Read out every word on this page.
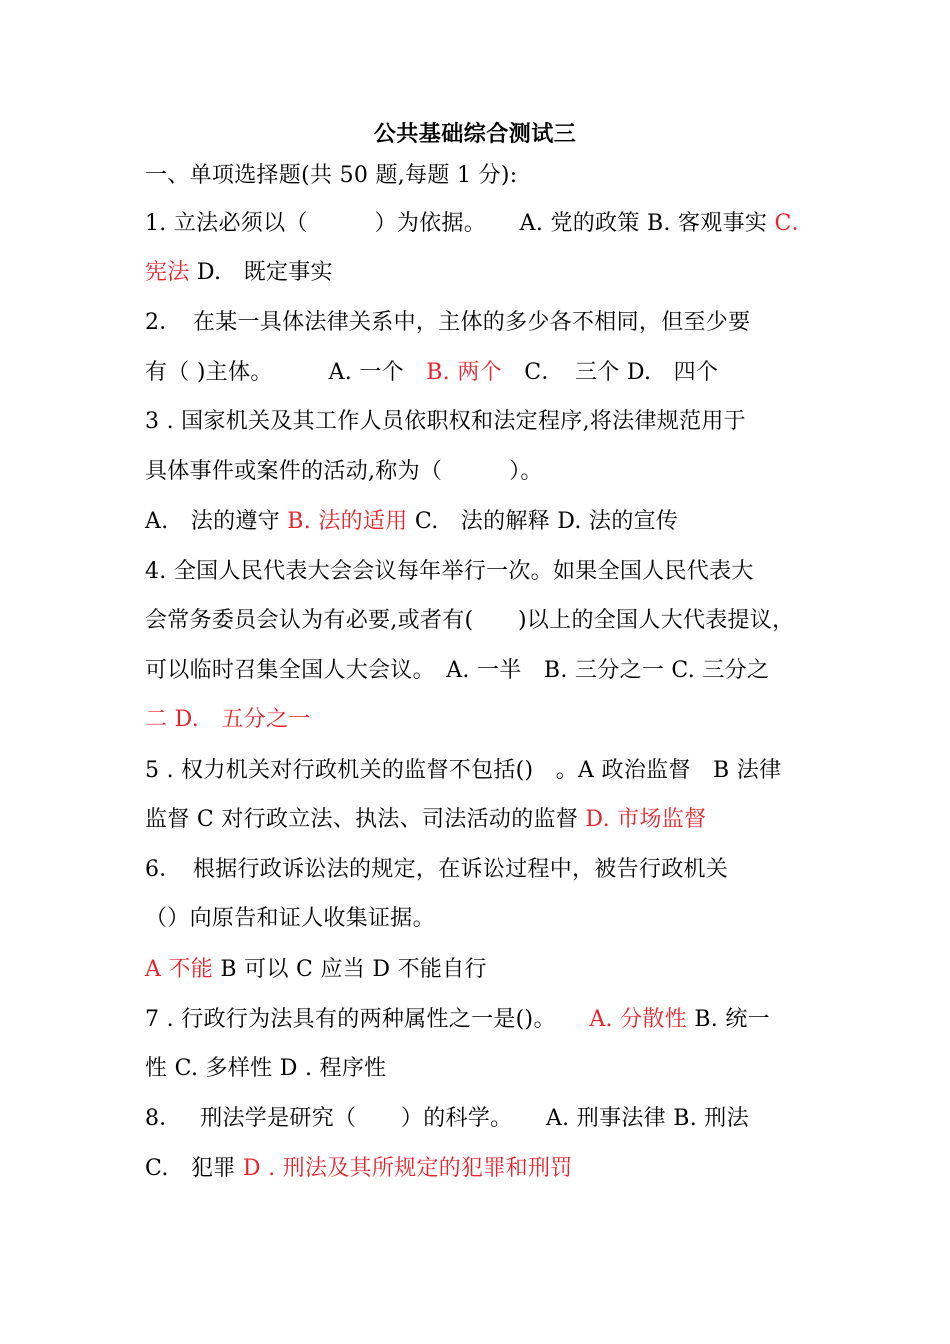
公共基础综合测试三
一、单项选择题(共 50 题,每题 1 分):
1. 立法必须以（　　　）为依据。　　A. 党的政策 B. 客观事实 C．
宪法 D.　既定事实
2．　在某一具体法律关系中，主体的多少各不相同，但至少要
有（ )主体。　　　A. 一个　B. 两个　C．　三个 D.　四个
3 . 国家机关及其工作人员依职权和法定程序,将法律规范用于
具体事件或案件的活动,称为（　　　）。
A.　法的遵守 B. 法的适用 C.　法的解释 D. 法的宣传
4. 全国人民代表大会会议每年举行一次。如果全国人民代表大
会常务委员会认为有必要,或者有(　　)以上的全国人大代表提议，
可以临时召集全国人大会议。　A. 一半　B. 三分之一 C. 三分之
二 D.　五分之一
5 . 权力机关对行政机关的监督不包括()　。A 政治监督　B 法律
监督 C 对行政立法、执法、司法活动的监督 D. 市场监督
6．　根据行政诉讼法的规定，在诉讼过程中，被告行政机关
（）向原告和证人收集证据。
A 不能 B 可以 C 应当 D 不能自行
7 . 行政行为法具有的两种属性之一是()。　　A. 分散性 B. 统一
性 C. 多样性 D . 程序性
8．　 刑法学是研究（　　）的科学。　　A. 刑事法律 B. 刑法
C.　犯罪 D . 刑法及其所规定的犯罪和刑罚
